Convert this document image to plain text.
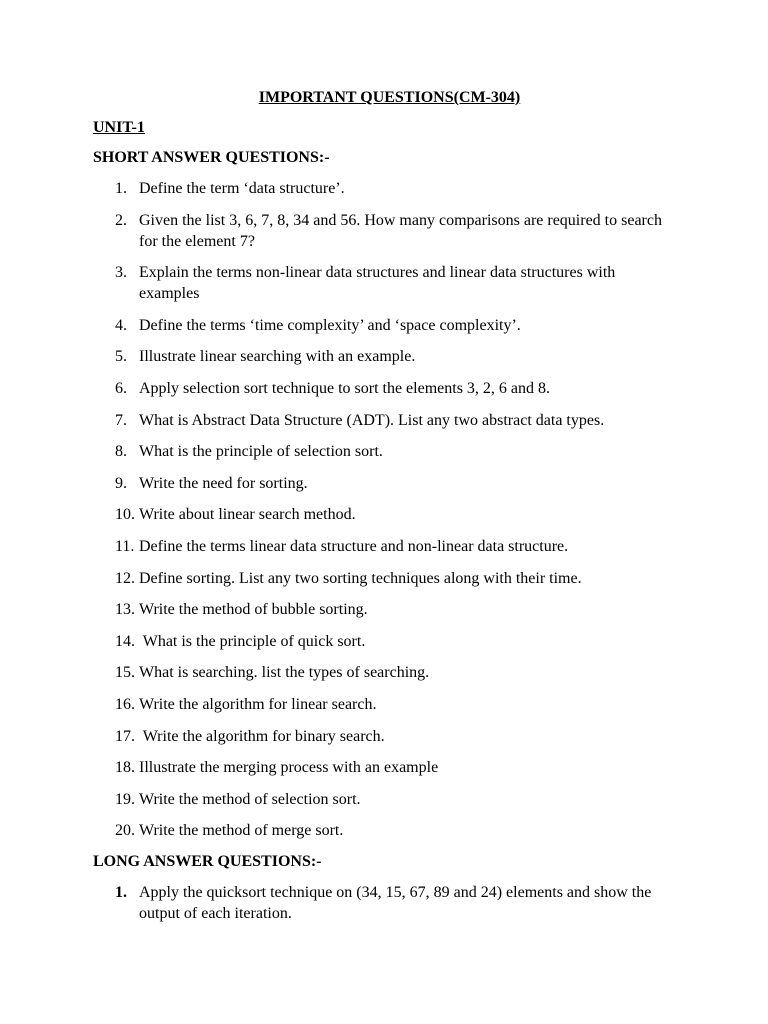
IMPORTANT QUESTIONS(CM-304)
UNIT-1
SHORT ANSWER QUESTIONS:-
1. Define the term ‘data structure’.
2. Given the list 3, 6, 7, 8, 34 and 56. How many comparisons are required to search for the element 7?
3. Explain the terms non-linear data structures and linear data structures with examples
4. Define the terms ‘time complexity’ and ‘space complexity’.
5. Illustrate linear searching with an example.
6. Apply selection sort technique to sort the elements 3, 2, 6 and 8.
7. What is Abstract Data Structure (ADT). List any two abstract data types.
8. What is the principle of selection sort.
9. Write the need for sorting.
10. Write about linear search method.
11. Define the terms linear data structure and non-linear data structure.
12. Define sorting. List any two sorting techniques along with their time.
13. Write the method of bubble sorting.
14. What is the principle of quick sort.
15. What is searching. list the types of searching.
16. Write the algorithm for linear search.
17. Write the algorithm for binary search.
18. Illustrate the merging process with an example
19. Write the method of selection sort.
20. Write the method of merge sort.
LONG ANSWER QUESTIONS:-
1. Apply the quicksort technique on (34, 15, 67, 89 and 24) elements and show the output of each iteration.
